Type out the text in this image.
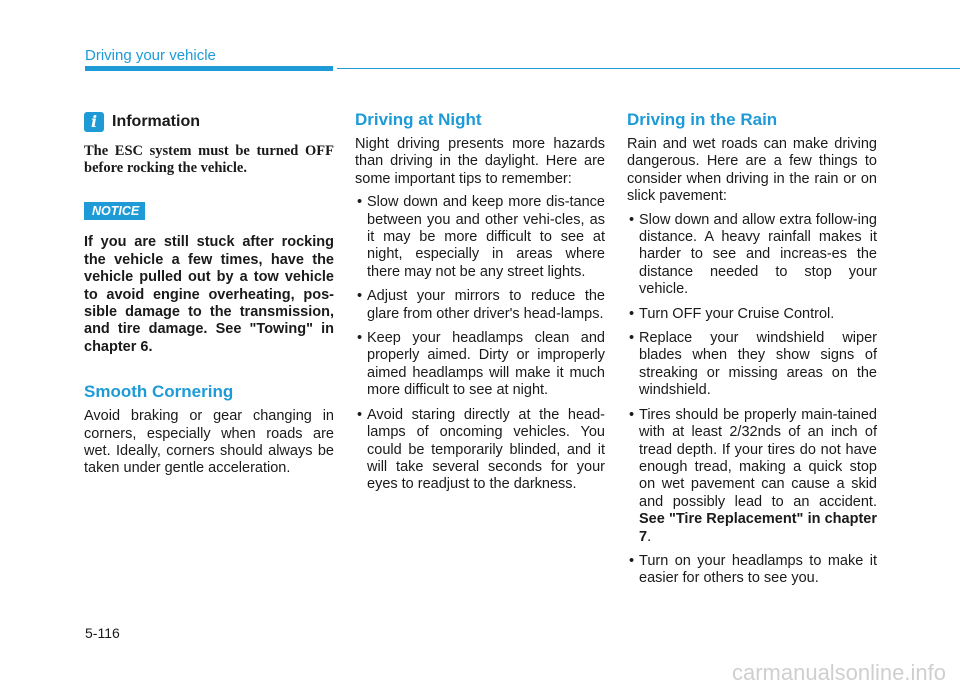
Driving your vehicle
i Information
The ESC system must be turned OFF before rocking the vehicle.
NOTICE
If you are still stuck after rocking the vehicle a few times, have the vehicle pulled out by a tow vehicle to avoid engine overheating, pos-sible damage to the transmission, and tire damage. See "Towing" in chapter 6.
Smooth Cornering
Avoid braking or gear changing in corners, especially when roads are wet. Ideally, corners should always be taken under gentle acceleration.
Driving at Night
Night driving presents more hazards than driving in the daylight. Here are some important tips to remember:
• Slow down and keep more dis-tance between you and other vehi-cles, as it may be more difficult to see at night, especially in areas where there may not be any street lights.
• Adjust your mirrors to reduce the glare from other driver's head-lamps.
• Keep your headlamps clean and properly aimed. Dirty or improperly aimed headlamps will make it much more difficult to see at night.
• Avoid staring directly at the head-lamps of oncoming vehicles. You could be temporarily blinded, and it will take several seconds for your eyes to readjust to the darkness.
Driving in the Rain
Rain and wet roads can make driving dangerous. Here are a few things to consider when driving in the rain or on slick pavement:
• Slow down and allow extra follow-ing distance. A heavy rainfall makes it harder to see and increas-es the distance needed to stop your vehicle.
• Turn OFF your Cruise Control.
• Replace your windshield wiper blades when they show signs of streaking or missing areas on the windshield.
• Tires should be properly main-tained with at least 2/32nds of an inch of tread depth. If your tires do not have enough tread, making a quick stop on wet pavement can cause a skid and possibly lead to an accident. See "Tire Replacement" in chapter 7.
• Turn on your headlamps to make it easier for others to see you.
5-116
carmanualsonline.info
